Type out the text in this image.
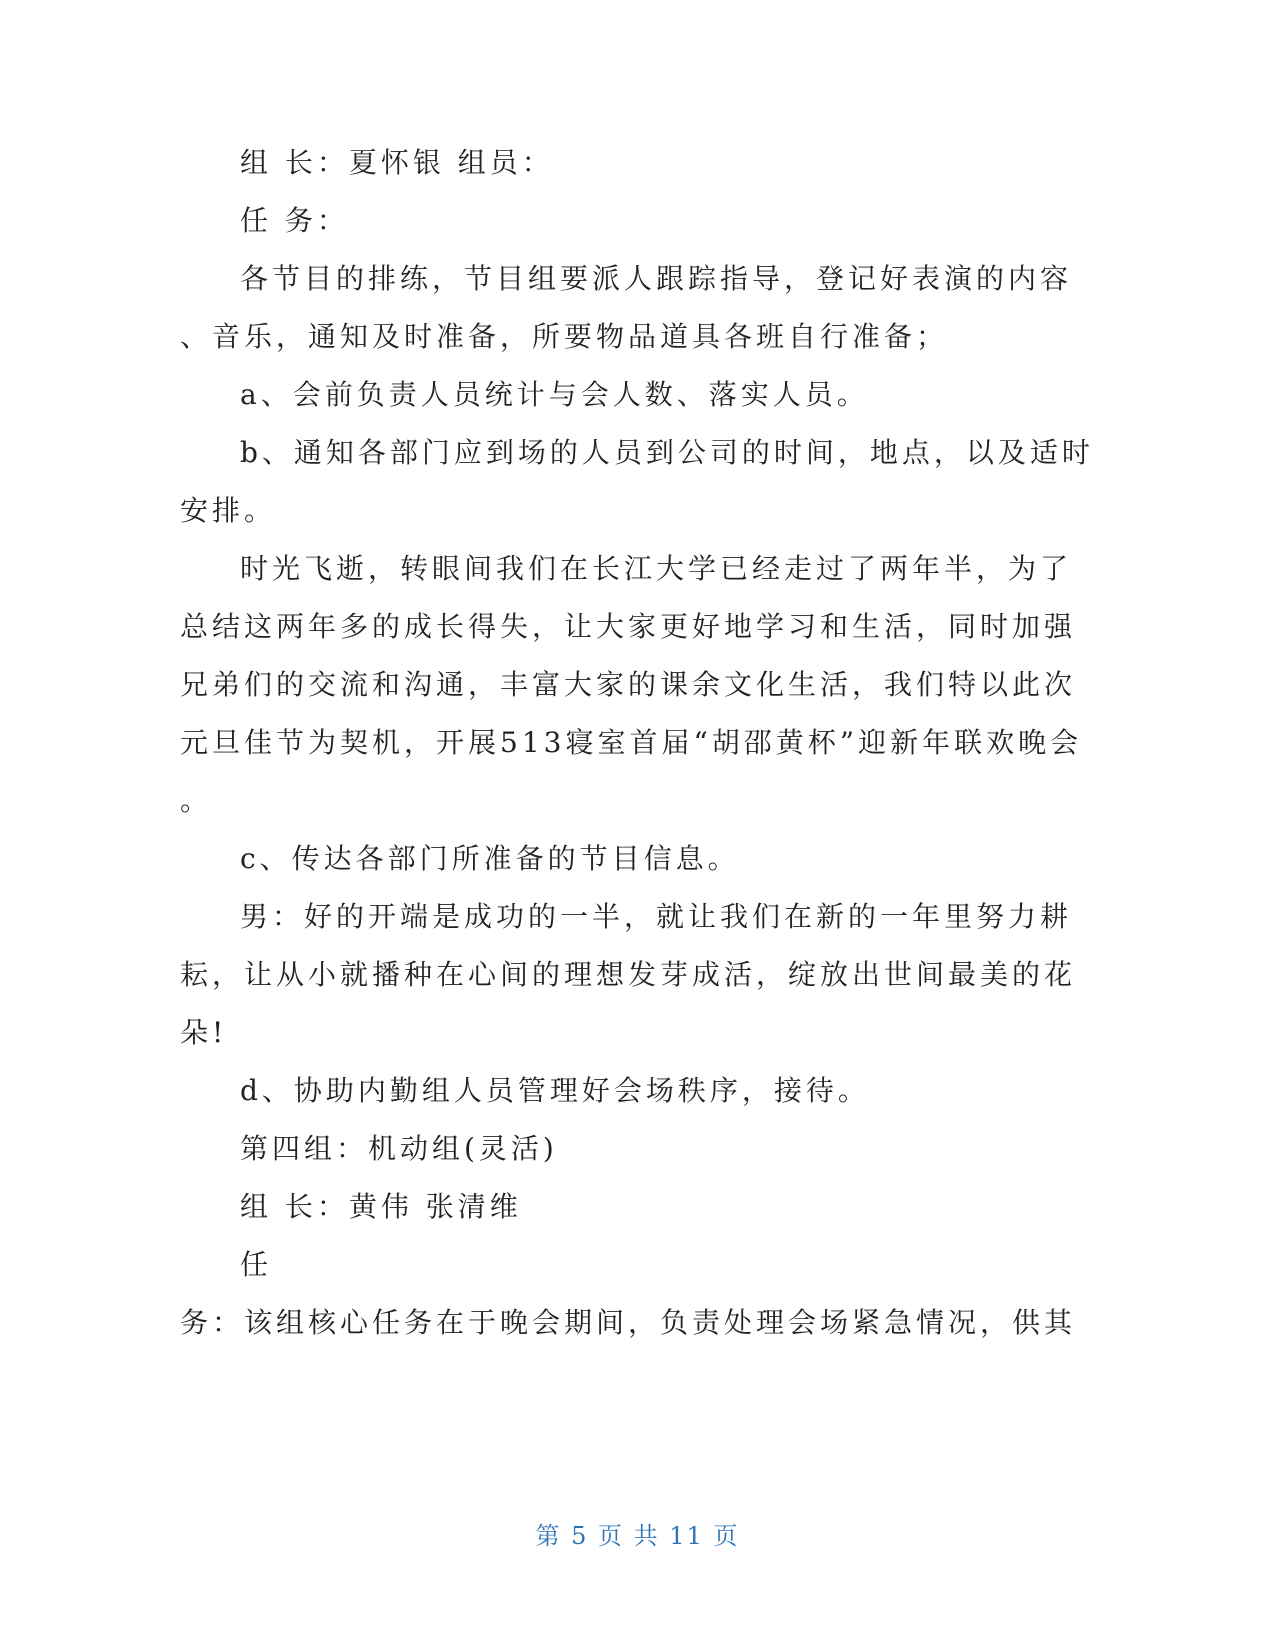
组 长：夏怀银 组员：
任 务：
各节目的排练，节目组要派人跟踪指导，登记好表演的内容
、音乐，通知及时准备，所要物品道具各班自行准备；
a、会前负责人员统计与会人数、落实人员。
b、通知各部门应到场的人员到公司的时间，地点，以及适时
安排。
时光飞逝，转眼间我们在长江大学已经走过了两年半，为了
总结这两年多的成长得失，让大家更好地学习和生活，同时加强
兄弟们的交流和沟通，丰富大家的课余文化生活，我们特以此次
元旦佳节为契机，开展513寝室首届“胡邵黄杯”迎新年联欢晚会
。
c、传达各部门所准备的节目信息。
男：好的开端是成功的一半，就让我们在新的一年里努力耕
耘，让从小就播种在心间的理想发芽成活，绽放出世间最美的花
朵!
d、协助内勤组人员管理好会场秩序，接待。
第四组：机动组(灵活)
组 长：黄伟 张清维
任
务：该组核心任务在于晚会期间，负责处理会场紧急情况，供其
第 5 页 共 11 页
